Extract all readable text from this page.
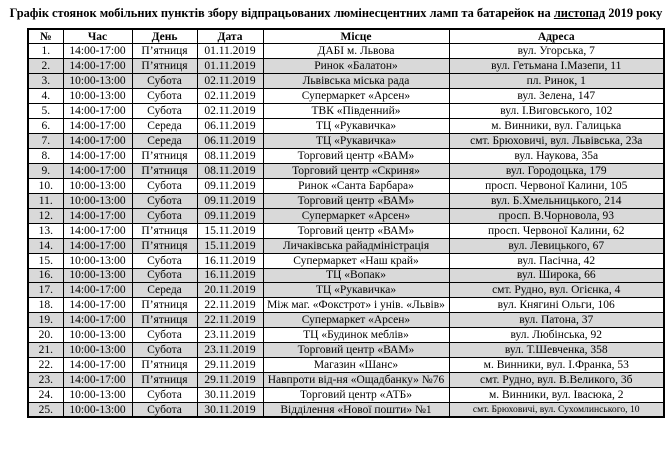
Графік стоянок мобільних пунктів збору відпрацьованих люмінесцентних ламп та батарейок на листопад 2019 року
№	Час	День	Дата	Місце	Адреса
1.	14:00-17:00	П’ятниця	01.11.2019	ДАБІ м. Львова	вул. Угорська, 7
2.	14:00-17:00	П’ятниця	01.11.2019	Ринок «Балатон»	вул. Гетьмана І.Мазепи, 11
3.	10:00-13:00	Субота	02.11.2019	Львівська міська рада	пл. Ринок, 1
4.	10:00-13:00	Субота	02.11.2019	Супермаркет «Арсен»	вул. Зелена, 147
5.	14:00-17:00	Субота	02.11.2019	ТВК «Південний»	вул. І.Виговського, 102
6.	14:00-17:00	Середа	06.11.2019	ТЦ «Рукавичка»	м. Винники, вул. Галицька
7.	14:00-17:00	Середа	06.11.2019	ТЦ «Рукавичка»	смт. Брюховичі, вул. Львівська, 23а
8.	14:00-17:00	П’ятниця	08.11.2019	Торговий центр «ВАМ»	вул. Наукова, 35а
9.	14:00-17:00	П’ятниця	08.11.2019	Торговий центр «Скриня»	вул. Городоцька, 179
10.	10:00-13:00	Субота	09.11.2019	Ринок «Санта Барбара»	просп. Червоної Калини, 105
11.	10:00-13:00	Субота	09.11.2019	Торговий центр «ВАМ»	вул. Б.Хмельницького, 214
12.	14:00-17:00	Субота	09.11.2019	Супермаркет «Арсен»	просп. В.Чорновола, 93
13.	14:00-17:00	П’ятниця	15.11.2019	Торговий центр «ВАМ»	просп. Червоної Калини, 62
14.	14:00-17:00	П’ятниця	15.11.2019	Личаківська райадміністрація	вул. Левицького, 67
15.	10:00-13:00	Субота	16.11.2019	Супермаркет «Наш край»	вул. Пасічна, 42
16.	10:00-13:00	Субота	16.11.2019	ТЦ «Вопак»	вул. Широка, 66
17.	14:00-17:00	Середа	20.11.2019	ТЦ «Рукавичка»	смт. Рудно, вул. Огієнка, 4
18.	14:00-17:00	П’ятниця	22.11.2019	Між маг. «Фокстрот» і унів. «Львів»	вул. Княгині Ольги, 106
19.	14:00-17:00	П’ятниця	22.11.2019	Супермаркет «Арсен»	вул. Патона, 37
20.	10:00-13:00	Субота	23.11.2019	ТЦ «Будинок меблів»	вул. Любінська, 92
21.	10:00-13:00	Субота	23.11.2019	Торговий центр «ВАМ»	вул. Т.Шевченка, 358
22.	14:00-17:00	П’ятниця	29.11.2019	Магазин «Шанс»	м. Винники, вул. І.Франка, 53
23.	14:00-17:00	П’ятниця	29.11.2019	Навпроти від-ня «Ощадбанку» №76	смт. Рудно, вул. В.Великого, 3б
24.	10:00-13:00	Субота	30.11.2019	Торговий центр «АТБ»	м. Винники, вул. Івасюка, 2
25.	10:00-13:00	Субота	30.11.2019	Відділення «Нової пошти» №1	смт. Брюховичі, вул. Сухомлинського, 10
